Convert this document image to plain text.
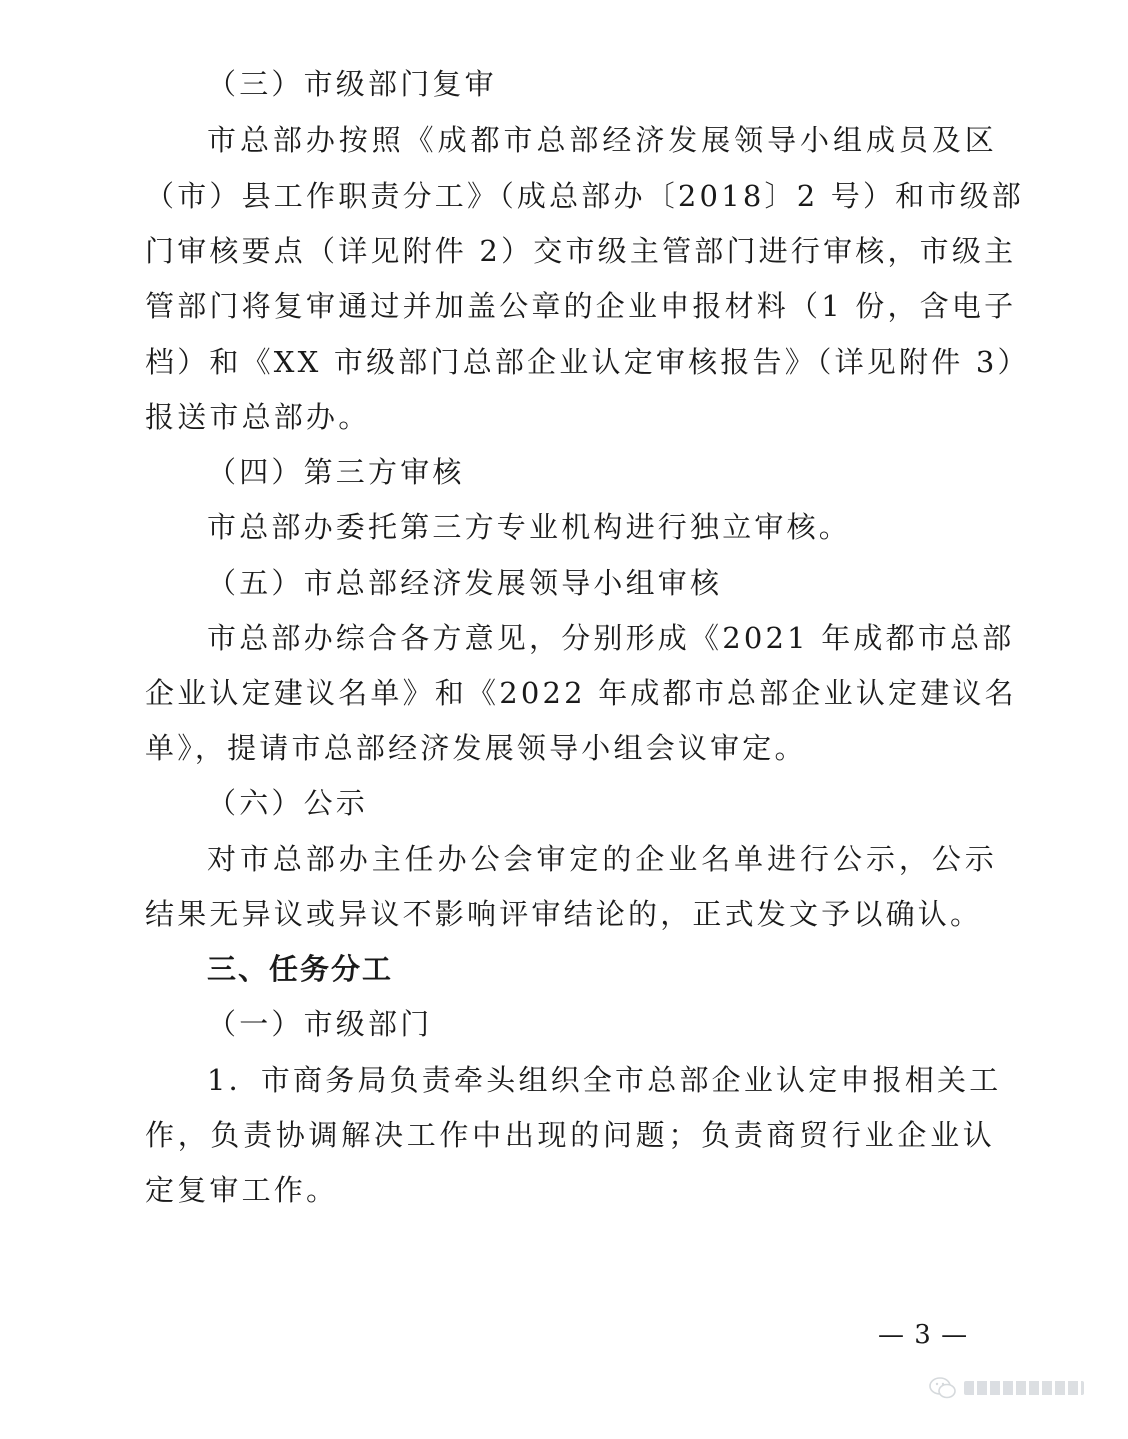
（三）市级部门复审
市总部办按照《成都市总部经济发展领导小组成员及区
（市）县工作职责分工》（成总部办〔2018〕2 号）和市级部
门审核要点（详见附件 2）交市级主管部门进行审核，市级主
管部门将复审通过并加盖公章的企业申报材料（1 份，含电子
档）和《XX 市级部门总部企业认定审核报告》（详见附件 3）
报送市总部办。
（四）第三方审核
市总部办委托第三方专业机构进行独立审核。
（五）市总部经济发展领导小组审核
市总部办综合各方意见，分别形成《2021 年成都市总部
企业认定建议名单》和《2022 年成都市总部企业认定建议名
单》，提请市总部经济发展领导小组会议审定。
（六）公示
对市总部办主任办公会审定的企业名单进行公示，公示
结果无异议或异议不影响评审结论的，正式发文予以确认。
三、任务分工
（一）市级部门
1．市商务局负责牵头组织全市总部企业认定申报相关工
作，负责协调解决工作中出现的问题；负责商贸行业企业认
定复审工作。
— 3 —
